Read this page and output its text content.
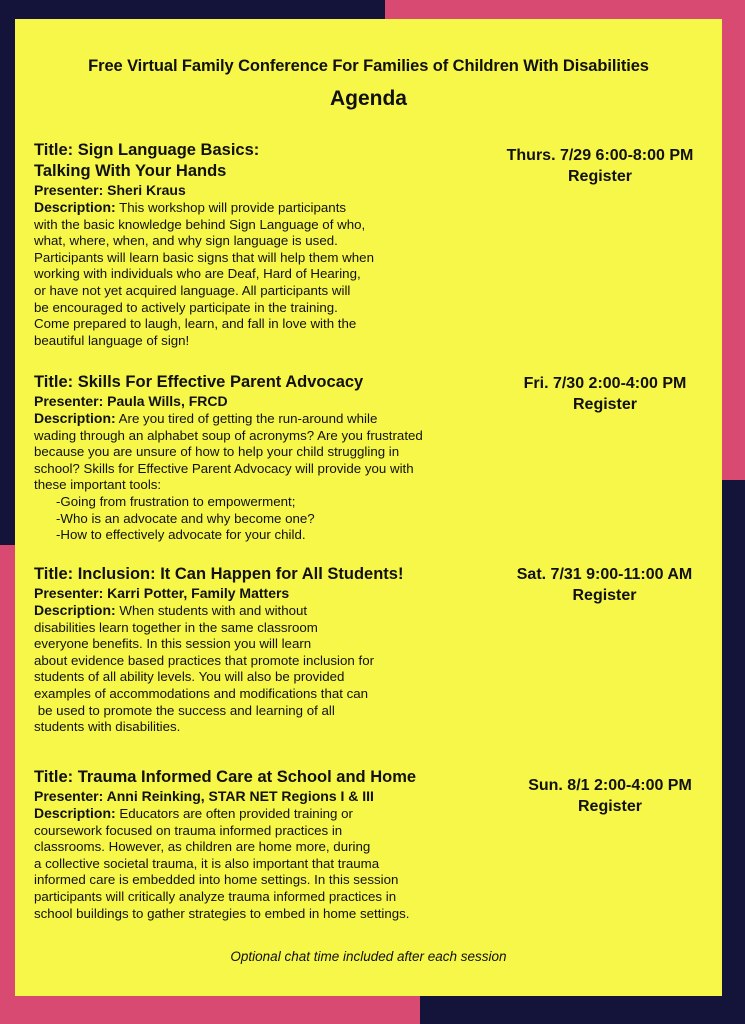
Free Virtual Family Conference For Families of Children With Disabilities
Agenda
Title: Sign Language Basics:
Talking With Your Hands
Presenter: Sheri Kraus
Description: This workshop will provide participants
with the basic knowledge behind Sign Language of who,
what, where, when, and why sign language is used.
Participants will learn basic signs that will help them when
working with individuals who are Deaf, Hard of Hearing,
or have not yet acquired language. All participants will
be encouraged to actively participate in the training.
Come prepared to laugh, learn, and fall in love with the
beautiful language of sign!
Thurs. 7/29 6:00-8:00 PM
Register
Title: Skills For Effective Parent Advocacy
Presenter: Paula Wills, FRCD
Description: Are you tired of getting the run-around while
wading through an alphabet soup of acronyms? Are you frustrated
because you are unsure of how to help your child struggling in
school? Skills for Effective Parent Advocacy will provide you with
these important tools:
-Going from frustration to empowerment;
-Who is an advocate and why become one?
-How to effectively advocate for your child.
Fri. 7/30 2:00-4:00 PM
Register
Title: Inclusion: It Can Happen for All Students!
Presenter: Karri Potter, Family Matters
Description: When students with and without
disabilities learn together in the same classroom
everyone benefits. In this session you will learn
about evidence based practices that promote inclusion for
students of all ability levels. You will also be provided
examples of accommodations and modifications that can
be used to promote the success and learning of all
students with disabilities.
Sat. 7/31 9:00-11:00 AM
Register
Title: Trauma Informed Care at School and Home
Presenter: Anni Reinking, STAR NET Regions I & III
Description: Educators are often provided training or
coursework focused on trauma informed practices in
classrooms. However, as children are home more, during
a collective societal trauma, it is also important that trauma
informed care is embedded into home settings. In this session
participants will critically analyze trauma informed practices in
school buildings to gather strategies to embed in home settings.
Sun. 8/1 2:00-4:00 PM
Register
Optional chat time included after each session
